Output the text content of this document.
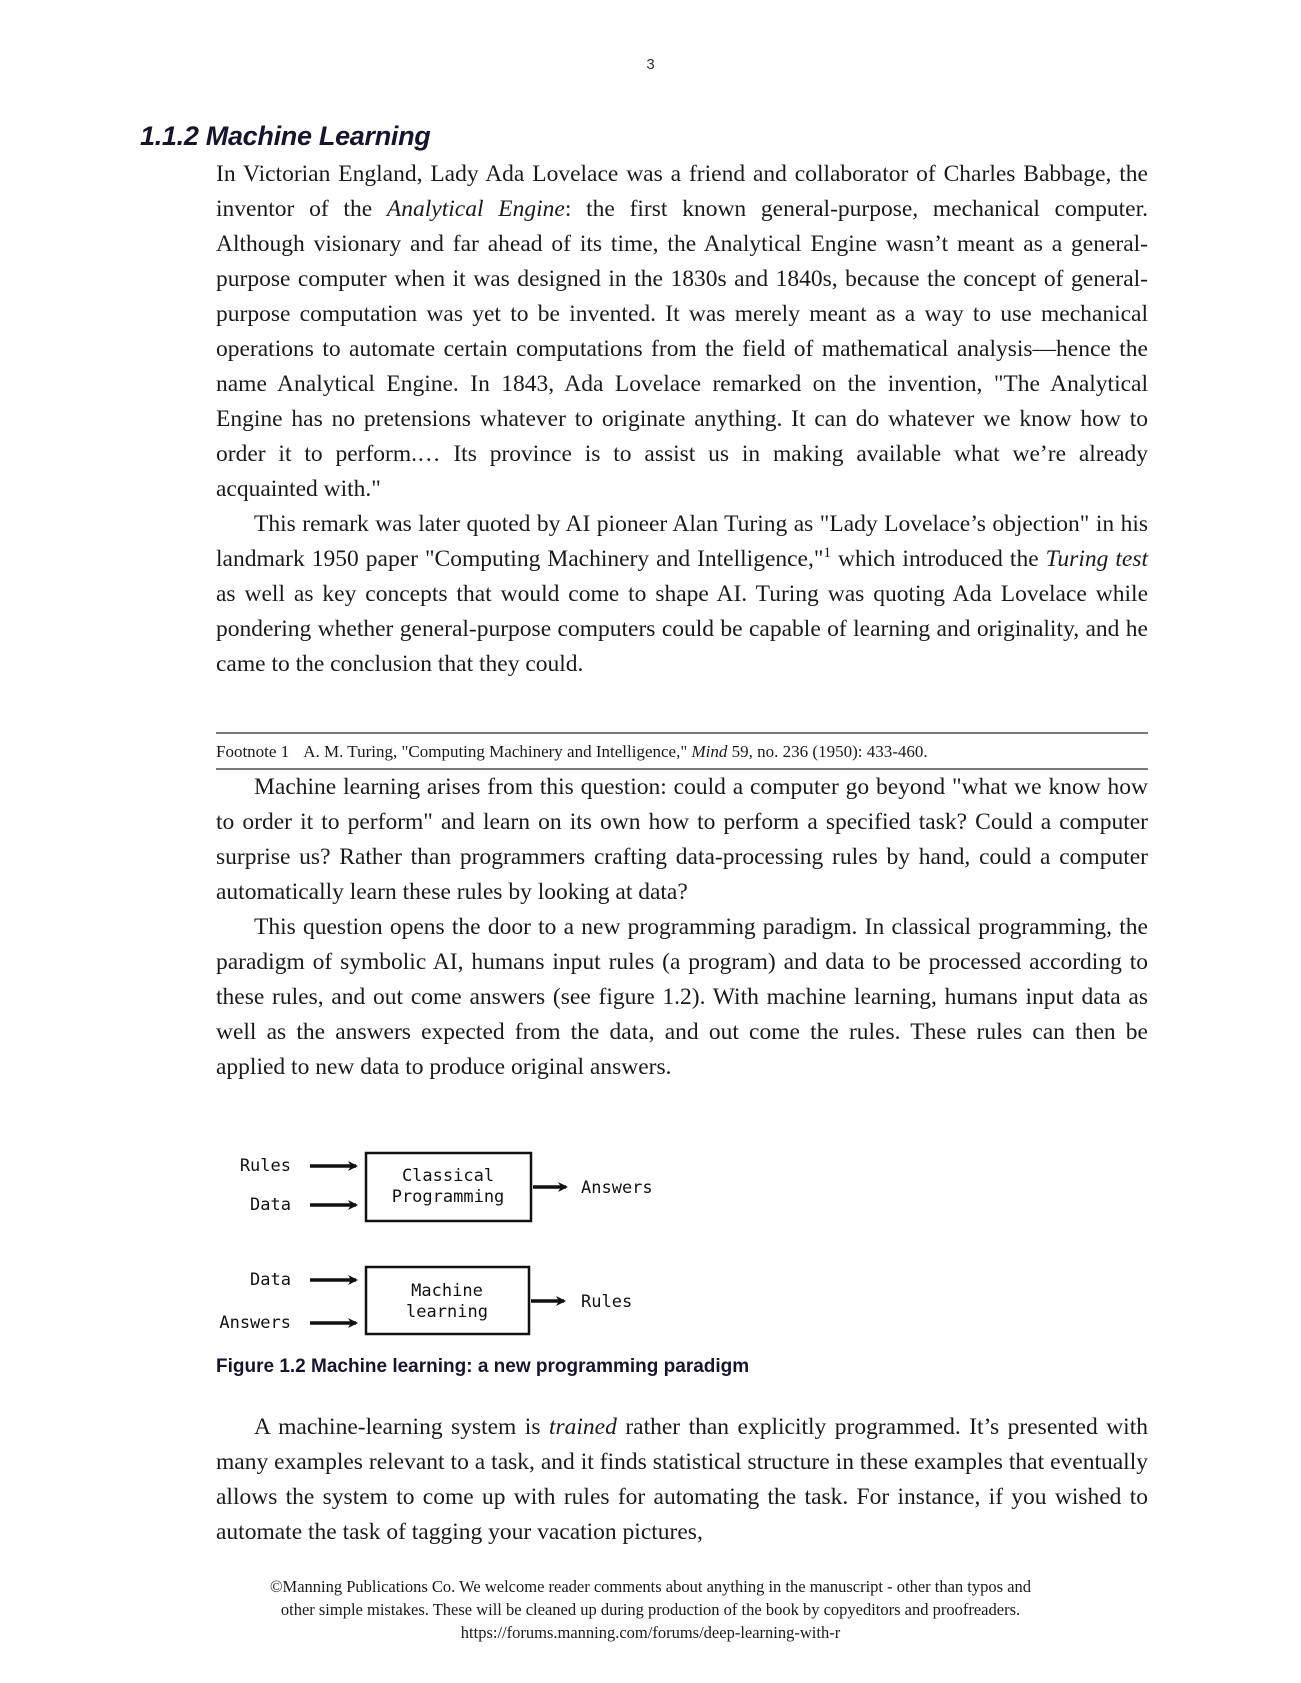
3
1.1.2 Machine Learning

In Victorian England, Lady Ada Lovelace was a friend and collaborator of Charles Babbage, the inventor of the Analytical Engine: the first known general-purpose, mechanical computer. Although visionary and far ahead of its time, the Analytical Engine wasn’t meant as a general-purpose computer when it was designed in the 1830s and 1840s, because the concept of general-purpose computation was yet to be invented. It was merely meant as a way to use mechanical operations to automate certain computations from the field of mathematical analysis—hence the name Analytical Engine. In 1843, Ada Lovelace remarked on the invention, "The Analytical Engine has no pretensions whatever to originate anything. It can do whatever we know how to order it to perform.… Its province is to assist us in making available what we’re already acquainted with."

This remark was later quoted by AI pioneer Alan Turing as "Lady Lovelace’s objection" in his landmark 1950 paper "Computing Machinery and Intelligence,"$^1$ which introduced the Turing test as well as key concepts that would come to shape AI. Turing was quoting Ada Lovelace while pondering whether general-purpose computers could be capable of learning and originality, and he came to the conclusion that they could.

Footnote 1 A. M. Turing, "Computing Machinery and Intelligence," Mind 59, no. 236 (1950): 433-460.

Machine learning arises from this question: could a computer go beyond "what we know how to order it to perform" and learn on its own how to perform a specified task? Could a computer surprise us? Rather than programmers crafting data-processing rules by hand, could a computer automatically learn these rules by looking at data?

This question opens the door to a new programming paradigm. In classical programming, the paradigm of symbolic AI, humans input rules (a program) and data to be processed according to these rules, and out come answers (see figure 1.2). With machine learning, humans input data as well as the answers expected from the data, and out come the rules. These rules can then be applied to new data to produce original answers.

Rules
Data
Classical
Programming	Answers
Data
Answers
Machine
learning	Rules
Figure 1.2 Machine learning: a new programming paradigm

A machine-learning system is trained rather than explicitly programmed. It’s presented with many examples relevant to a task, and it finds statistical structure in these examples that eventually allows the system to come up with rules for automating the task. For instance, if you wished to automate the task of tagging your vacation pictures,

©Manning Publications Co. We welcome reader comments about anything in the manuscript - other than typos and
other simple mistakes. These will be cleaned up during production of the book by copyeditors and proofreaders.
https://forums.manning.com/forums/deep-learning-with-r
